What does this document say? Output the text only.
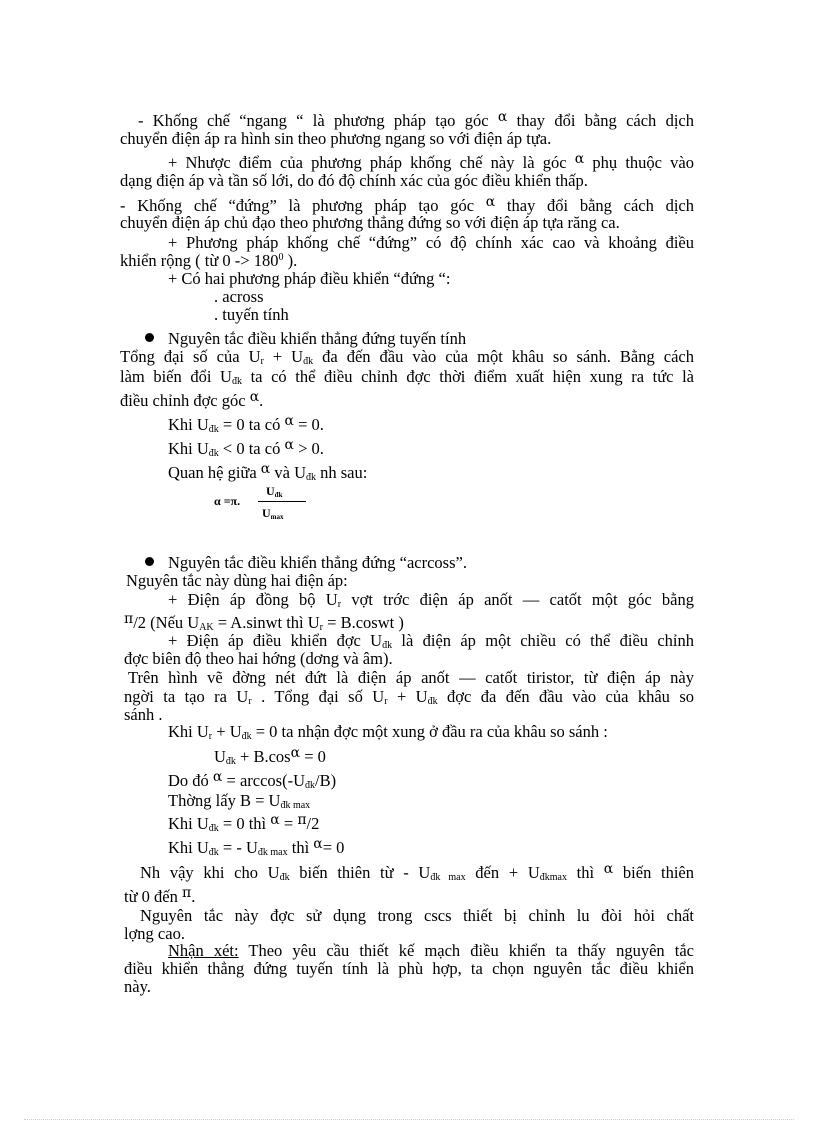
- Khống chế “ngang “ là phương pháp tạo góc $^\alpha$ thay đổi bằng cách dịch
chuyển điện áp ra hình sin theo phương ngang so với điện áp tựa.
+ Nhược điểm của phương pháp khống chế này là góc $^\alpha$ phụ thuộc vào
dạng điện áp và tần số lới, do đó độ chính xác của góc điều khiển thấp.
- Khống chế “đứng” là phương pháp tạo góc $^\alpha$ thay đổi bằng cách dịch
chuyển điện áp chủ đạo theo phương thẳng đứng so với điện áp tựa răng ca.
+ Phương pháp khống chế “đứng” có độ chính xác cao và khoảng điều
khiển rộng ( từ $0 -> 180^0$ ).
+ Có hai phương pháp điều khiển “đứng “:
. across
. tuyến tính
Nguyên tắc điều khiển thẳng đứng tuyến tính
Tổng đại số của $U_r + U_{đk}$ đa đến đầu vào của một khâu so sánh. Bằng cách
làm biến đổi $U_{đk}$ ta có thể điều chỉnh đợc thời điểm xuất hiện xung ra tức là
điều chỉnh đợc góc $^\alpha$.
Khi $U_{đk} = 0$ ta có $^\alpha$ = 0.
Khi $U_{đk} < 0$ ta có $^\alpha$ > 0.
Quan hệ giữa $^\alpha$ và $U_{đk}$ nh sau:
α =π.
$U_{đk}$
$U_{max}$
Nguyên tắc điều khiển thẳng đứng “acrcoss”.
Nguyên tắc này dùng hai điện áp:
+ Điện áp đồng bộ $U_r$ vợt trớc điện áp anốt — catốt một góc bằng
$^\pi$/2 (Nếu $U_{AK}$ = A.sinwt thì $U_r$ = B.coswt )
+ Điện áp điều khiển đợc $U_{đk}$ là điện áp một chiều có thể điều chỉnh
đợc biên độ theo hai hớng (dơng và âm).
Trên hình vẽ đờng nét đứt là điện áp anốt — catốt tiristor, từ điện áp này
ngời ta tạo ra $U_r$ . Tổng đại số $U_r + U_{đk}$ đợc đa đến đầu vào của khâu so
sánh .
Khi $U_r + U_{đk} = 0$ ta nhận đợc một xung ở đầu ra của khâu so sánh :
$U_{đk} + B.\cos^\alpha = 0$
Do đó $^\alpha = \arccos(-U_{đk}/B)$
Thờng lấy $B = U_{đk max}$
Khi $U_{đk} = 0$ thì $^\alpha$ = $^\pi$/2
Khi $U_{đk}$ = - $U_{đk max}$ thì $^\alpha$= 0
Nh vậy khi cho $U_{đk}$ biến thiên từ - $U_{đk max}$ đến + $U_{đkmax}$ thì $^\alpha$ biến thiên
từ 0 đến $^\pi$.
Nguyên tắc này đợc sử dụng trong cscs thiết bị chỉnh lu đòi hỏi chất
lợng cao.
Nhận xét: Theo yêu cầu thiết kế mạch điều khiển ta thấy nguyên tắc
điều khiển thẳng đứng tuyến tính là phù hợp, ta chọn nguyên tắc điều khiển
này.
